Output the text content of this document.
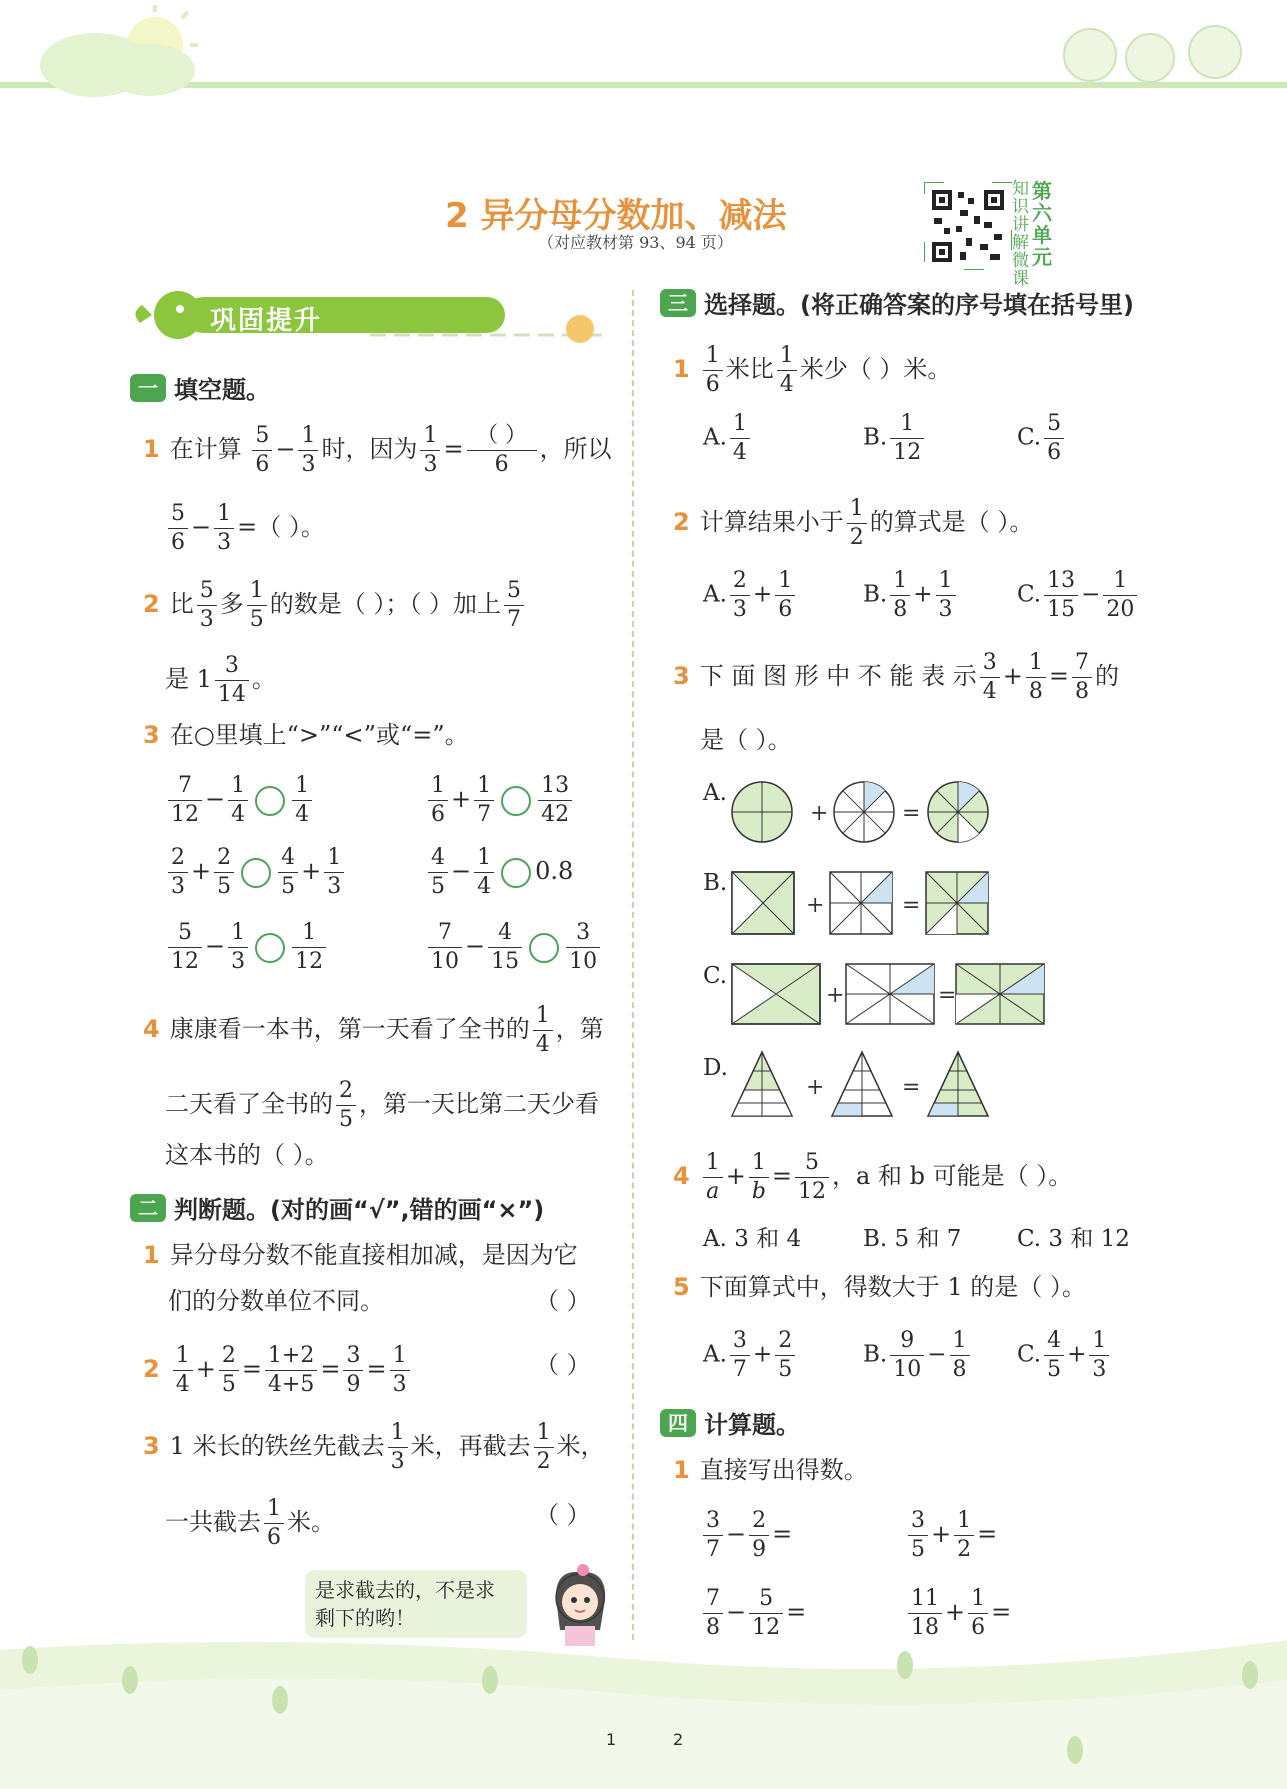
2 异分母分数加、减法
（对应教材第 93、94 页）
知识讲解微课
第六单元
巩固提升
一 填空题。
1 在计算 $\frac{5}{6} - \frac{1}{3}$ 时，因为 $\frac{1}{3} = \frac{( )}{6}$ ，所以
$\frac{5}{6} - \frac{1}{3}$ =（ ）。
2 比 $\frac{5}{3}$ 多 $\frac{1}{5}$ 的数是（ ）；（ ）加上 $\frac{5}{7}$
是 $1 \frac{3}{14}$ 。
3 在○里填上“>”“<”或“=”。
$\frac{7}{12} - \frac{1}{4} \frac{1}{4}$	$\frac{1}{6} + \frac{1}{7} \frac{13}{42}$
$\frac{2}{3} + \frac{2}{5} \frac{4}{5} + \frac{1}{3}$	$\frac{4}{5} - \frac{1}{4} 0.8$
$\frac{5}{12} - \frac{1}{3} \frac{1}{12}$	$\frac{7}{10} - \frac{4}{15} \frac{3}{10}$
4 康康看一本书，第一天看了全书的 $\frac{1}{4}$ ，第
二天看了全书的 $\frac{2}{5}$ ，第一天比第二天少看
这本书的（ ）。
二 判断题。(对的画“√”,错的画“×”)
1 异分母分数不能直接相加减，是因为它
们的分数单位不同。	（ ）
$2 \frac{1}{4} + \frac{2}{5} = \frac{1+2}{4+5} = \frac{3}{9} = \frac{1}{3}$	（ ）
3 1 米长的铁丝先截去 $\frac{1}{3}$ 米，再截去 $\frac{1}{2}$ 米，
一共截去 $\frac{1}{6}$ 米。	（ ）
是求截去的，不是求
剩下的哟！
三 选择题。(将正确答案的序号填在括号里)
$1 \frac{1}{6}$ 米比 $\frac{1}{4}$ 米少（ ）米。
A. $\frac{1}{4}$	B. $\frac{1}{12}$	C. $\frac{5}{6}$
2 计算结果小于 $\frac{1}{2}$ 的算式是（ ）。
A. $\frac{2}{3} + \frac{1}{6}$	B. $\frac{1}{8} + \frac{1}{3}$	C. $\frac{13}{15} - \frac{1}{20}$
3 下 面 图 形 中 不 能 表 示 $\frac{3}{4} + \frac{1}{8} = \frac{7}{8}$ 的
是（ ）。
A.
+	=
B.
+	=
C.
+	=
D.
+	=
$4 \frac{1}{a} + \frac{1}{b} = \frac{5}{12}$ ，a 和 b 可能是（ ）。
A. 3 和 4	B. 5 和 7 C. 3 和 12
5 下面算式中，得数大于 1 的是（ ）。
A. $\frac{3}{7} + \frac{2}{5}$	B. $\frac{9}{10} - \frac{1}{8} C$. $\frac{4}{5} + \frac{1}{3}$
四 计算题。
1 直接写出得数。
$\frac{3}{7} - \frac{2}{9}$ =	$\frac{3}{5} + \frac{1}{2}$ =
$\frac{7}{8} - \frac{5}{12}$ =	$\frac{11}{18} + \frac{1}{6}$ =
1	2
